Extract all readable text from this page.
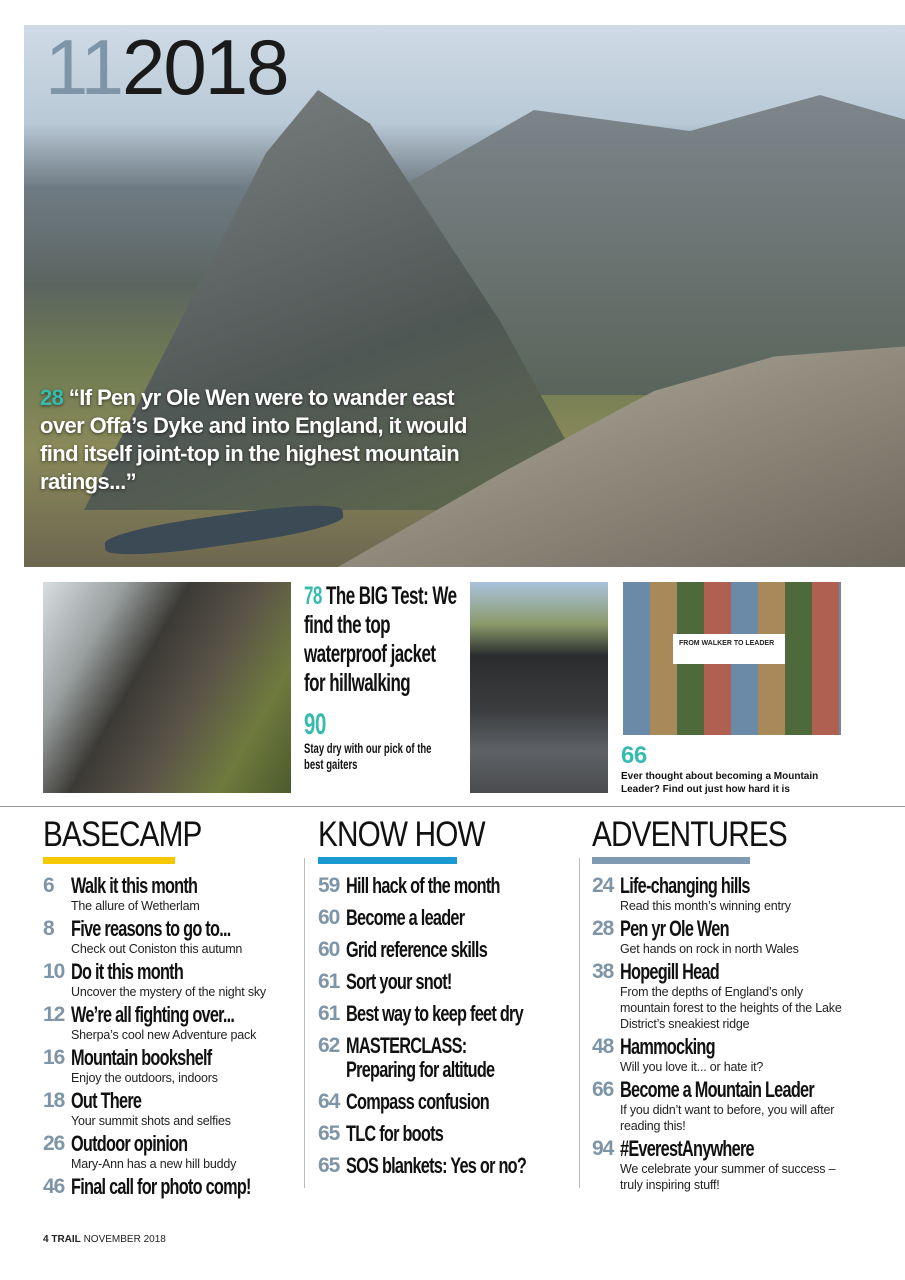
112018
28 “If Pen yr Ole Wen were to wander east over Offa’s Dyke and into England, it would find itself joint-top in the highest mountain ratings...”
78 The BIG Test: We find the top waterproof jacket for hillwalking
90
Stay dry with our pick of the best gaiters
FROM WALKER TO LEADER
66
Ever thought about becoming a Mountain Leader? Find out just how hard it is
BASECAMP
6 Walk it this month
The allure of Wetherlam
8 Five reasons to go to...
Check out Coniston this autumn
10 Do it this month
Uncover the mystery of the night sky
12 We’re all fighting over...
Sherpa’s cool new Adventure pack
16 Mountain bookshelf
Enjoy the outdoors, indoors
18 Out There
Your summit shots and selfies
26 Outdoor opinion
Mary-Ann has a new hill buddy
46 Final call for photo comp!
KNOW HOW
59 Hill hack of the month
60 Become a leader
60 Grid reference skills
61 Sort your snot!
61 Best way to keep feet dry
62 MASTERCLASS:
Preparing for altitude
64 Compass confusion
65 TLC for boots
65 SOS blankets: Yes or no?
ADVENTURES
24 Life-changing hills
Read this month’s winning entry
28 Pen yr Ole Wen
Get hands on rock in north Wales
38 Hopegill Head
From the depths of England’s only mountain forest to the heights of the Lake District’s sneakiest ridge
48 Hammocking
Will you love it... or hate it?
66 Become a Mountain Leader
If you didn’t want to before, you will after reading this!
94 #EverestAnywhere
We celebrate your summer of success – truly inspiring stuff!
4 TRAIL NOVEMBER 2018
